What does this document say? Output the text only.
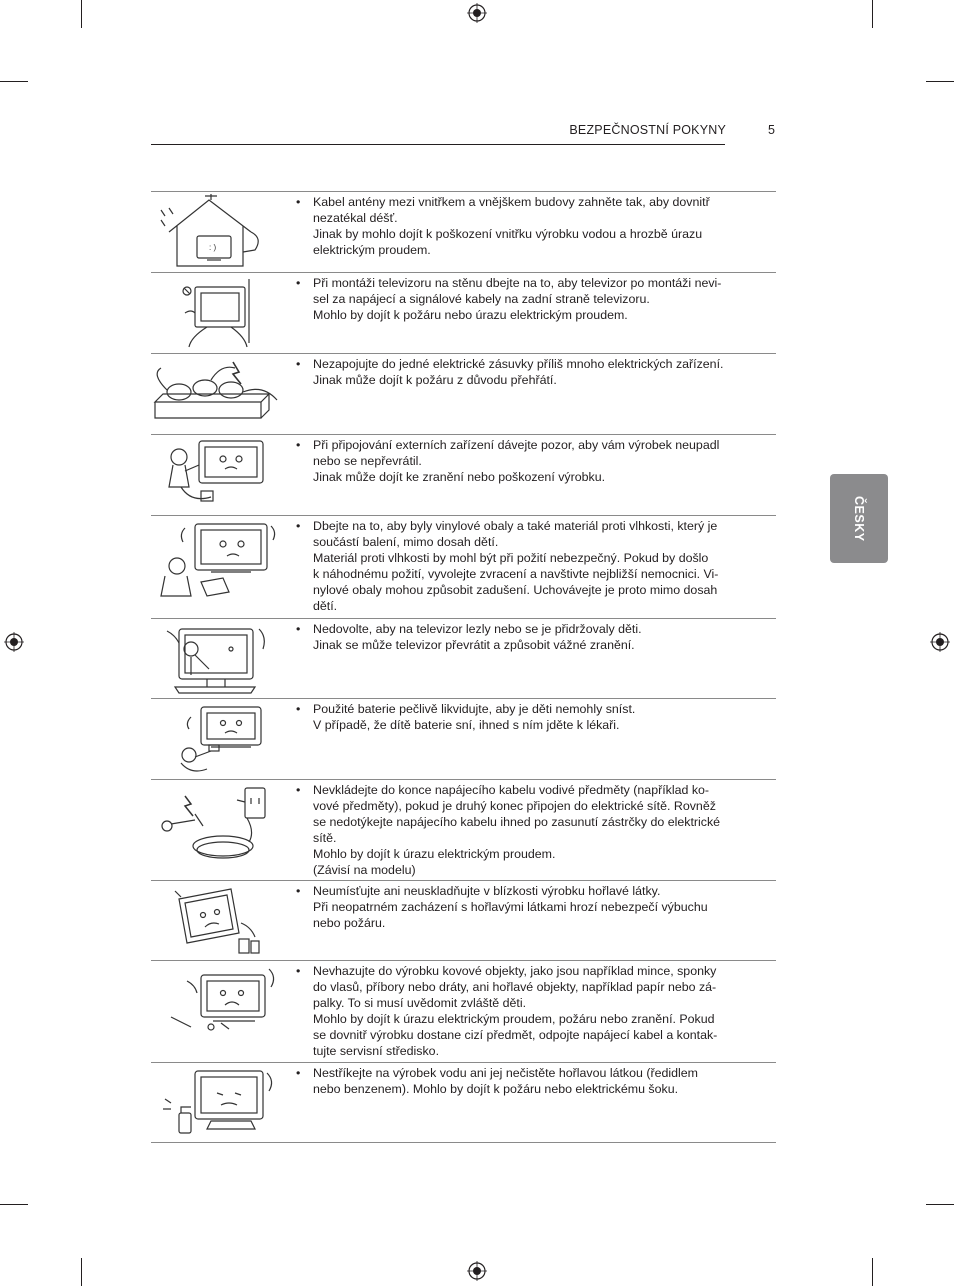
BEZPEČNOSTNÍ POKYNY	5
ČESKY
: )
• Kabel antény mezi vnitřkem a vnějškem budovy zahněte tak, aby dovnitř
nezatékal déšť.
Jinak by mohlo dojít k poškození vnitřku výrobku vodou a hrozbě úrazu
elektrickým proudem.
• Při montáži televizoru na stěnu dbejte na to, aby televizor po montáži nevi-
sel za napájecí a signálové kabely na zadní straně televizoru.
Mohlo by dojít k požáru nebo úrazu elektrickým proudem.
• Nezapojujte do jedné elektrické zásuvky příliš mnoho elektrických zařízení.
Jinak může dojít k požáru z důvodu přehřátí.
• Při připojování externích zařízení dávejte pozor, aby vám výrobek neupadl
nebo se nepřevrátil.
Jinak může dojít ke zranění nebo poškození výrobku.
• Dbejte na to, aby byly vinylové obaly a také materiál proti vlhkosti, který je
součástí balení, mimo dosah dětí.
Materiál proti vlhkosti by mohl být při požití nebezpečný. Pokud by došlo
k náhodnému požití, vyvolejte zvracení a navštivte nejbližší nemocnici. Vi-
nylové obaly mohou způsobit zadušení. Uchovávejte je proto mimo dosah
dětí.
• Nedovolte, aby na televizor lezly nebo se je přidržovaly děti.
Jinak se může televizor převrátit a způsobit vážné zranění.
• Použité baterie pečlivě likvidujte, aby je děti nemohly sníst.
V případě, že dítě baterie sní, ihned s ním jděte k lékaři.
• Nevkládejte do konce napájecího kabelu vodivé předměty (například ko-
vové předměty), pokud je druhý konec připojen do elektrické sítě. Rovněž
se nedotýkejte napájecího kabelu ihned po zasunutí zástrčky do elektrické
sítě.
Mohlo by dojít k úrazu elektrickým proudem.
(Závisí na modelu)
• Neumísťujte ani neuskladňujte v blízkosti výrobku hořlavé látky.
Při neopatrném zacházení s hořlavými látkami hrozí nebezpečí výbuchu
nebo požáru.
• Nevhazujte do výrobku kovové objekty, jako jsou například mince, sponky
do vlasů, příbory nebo dráty, ani hořlavé objekty, například papír nebo zá-
palky. To si musí uvědomit zvláště děti.
Mohlo by dojít k úrazu elektrickým proudem, požáru nebo zranění. Pokud
se dovnitř výrobku dostane cizí předmět, odpojte napájecí kabel a kontak-
tujte servisní středisko.
• Nestříkejte na výrobek vodu ani jej nečistěte hořlavou látkou (ředidlem
nebo benzenem). Mohlo by dojít k požáru nebo elektrickému šoku.
